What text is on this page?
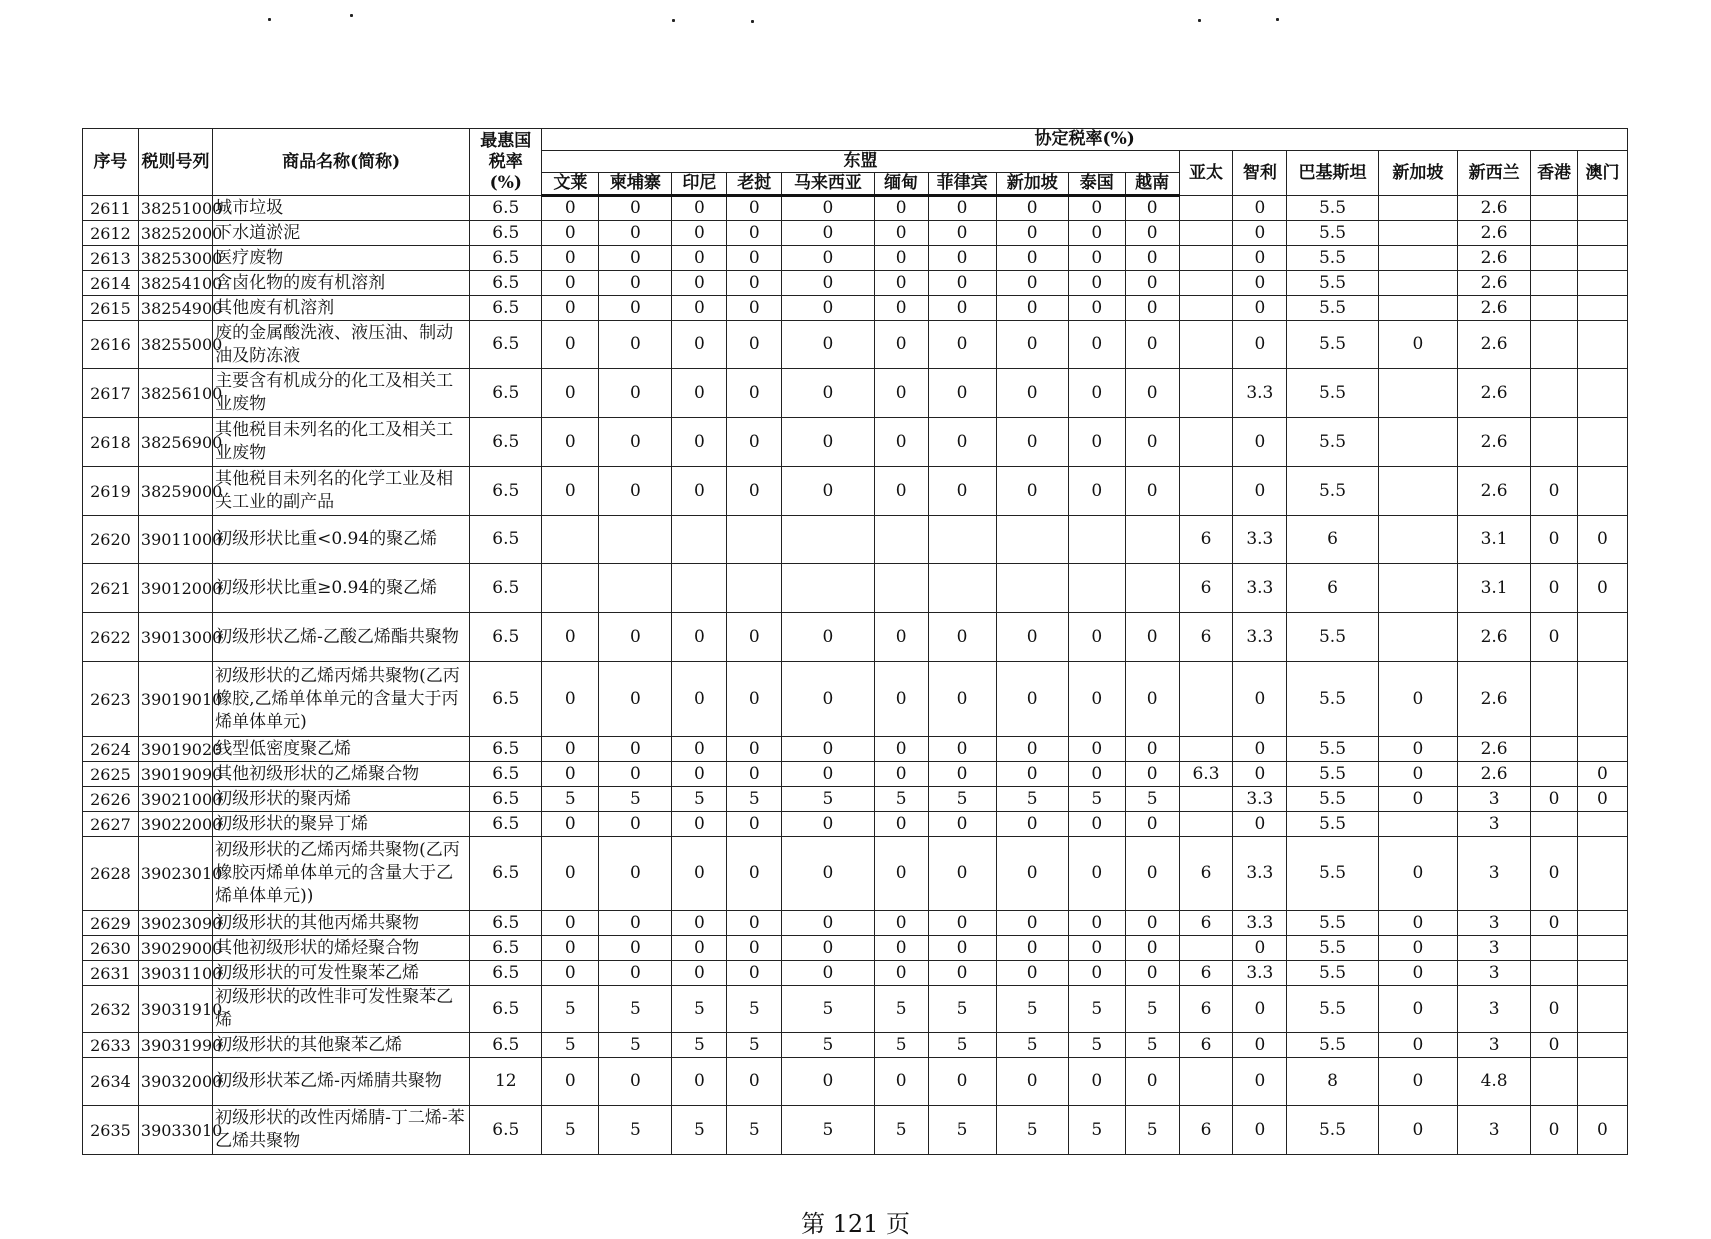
序号	税则号列	商品名称(简称)	最惠国
税率
(%)	协定税率(%)																
				东盟										亚太	智利	巴基斯坦	新加坡	新西兰	香港	澳门
				文莱	柬埔寨	印尼	老挝	马来西亚	缅甸	菲律宾	新加坡	泰国	越南							
2611	38251000	城市垃圾	6.5	0	0	0	0	0	0	0	0	0	0		0	5.5		2.6		
2612	38252000	下水道淤泥	6.5	0	0	0	0	0	0	0	0	0	0		0	5.5		2.6		
2613	38253000	医疗废物	6.5	0	0	0	0	0	0	0	0	0	0		0	5.5		2.6		
2614	38254100	含卤化物的废有机溶剂	6.5	0	0	0	0	0	0	0	0	0	0		0	5.5		2.6		
2615	38254900	其他废有机溶剂	6.5	0	0	0	0	0	0	0	0	0	0		0	5.5		2.6		
2616	38255000	废的金属酸洗液、液压油、制动油及防冻液	6.5	0	0	0	0	0	0	0	0	0	0		0	5.5	0	2.6		
2617	38256100	主要含有机成分的化工及相关工业废物	6.5	0	0	0	0	0	0	0	0	0	0		3.3	5.5		2.6		
2618	38256900	其他税目未列名的化工及相关工业废物	6.5	0	0	0	0	0	0	0	0	0	0		0	5.5		2.6		
2619	38259000	其他税目未列名的化学工业及相关工业的副产品	6.5	0	0	0	0	0	0	0	0	0	0		0	5.5		2.6	0	
2620	39011000	初级形状比重<0.94的聚乙烯	6.5											6	3.3	6		3.1	0	0
2621	39012000	初级形状比重≥0.94的聚乙烯	6.5											6	3.3	6		3.1	0	0
2622	39013000	初级形状乙烯-乙酸乙烯酯共聚物	6.5	0	0	0	0	0	0	0	0	0	0	6	3.3	5.5		2.6	0	
2623	39019010	初级形状的乙烯丙烯共聚物(乙丙橡胶,乙烯单体单元的含量大于丙烯单体单元)	6.5	0	0	0	0	0	0	0	0	0	0		0	5.5	0	2.6		
2624	39019020	线型低密度聚乙烯	6.5	0	0	0	0	0	0	0	0	0	0		0	5.5	0	2.6		
2625	39019090	其他初级形状的乙烯聚合物	6.5	0	0	0	0	0	0	0	0	0	0	6.3	0	5.5	0	2.6		0
2626	39021000	初级形状的聚丙烯	6.5	5	5	5	5	5	5	5	5	5	5		3.3	5.5	0	3	0	0
2627	39022000	初级形状的聚异丁烯	6.5	0	0	0	0	0	0	0	0	0	0		0	5.5		3		
2628	39023010	初级形状的乙烯丙烯共聚物(乙丙橡胶丙烯单体单元的含量大于乙烯单体单元))	6.5	0	0	0	0	0	0	0	0	0	0	6	3.3	5.5	0	3	0	
2629	39023090	初级形状的其他丙烯共聚物	6.5	0	0	0	0	0	0	0	0	0	0	6	3.3	5.5	0	3	0	
2630	39029000	其他初级形状的烯烃聚合物	6.5	0	0	0	0	0	0	0	0	0	0		0	5.5	0	3		
2631	39031100	初级形状的可发性聚苯乙烯	6.5	0	0	0	0	0	0	0	0	0	0	6	3.3	5.5	0	3		
2632	39031910	初级形状的改性非可发性聚苯乙烯	6.5	5	5	5	5	5	5	5	5	5	5	6	0	5.5	0	3	0	
2633	39031990	初级形状的其他聚苯乙烯	6.5	5	5	5	5	5	5	5	5	5	5	6	0	5.5	0	3	0	
2634	39032000	初级形状苯乙烯-丙烯腈共聚物	12	0	0	0	0	0	0	0	0	0	0		0	8	0	4.8		
2635	39033010	初级形状的改性丙烯腈-丁二烯-苯乙烯共聚物	6.5	5	5	5	5	5	5	5	5	5	5	6	0	5.5	0	3	0	0
第 121 页
